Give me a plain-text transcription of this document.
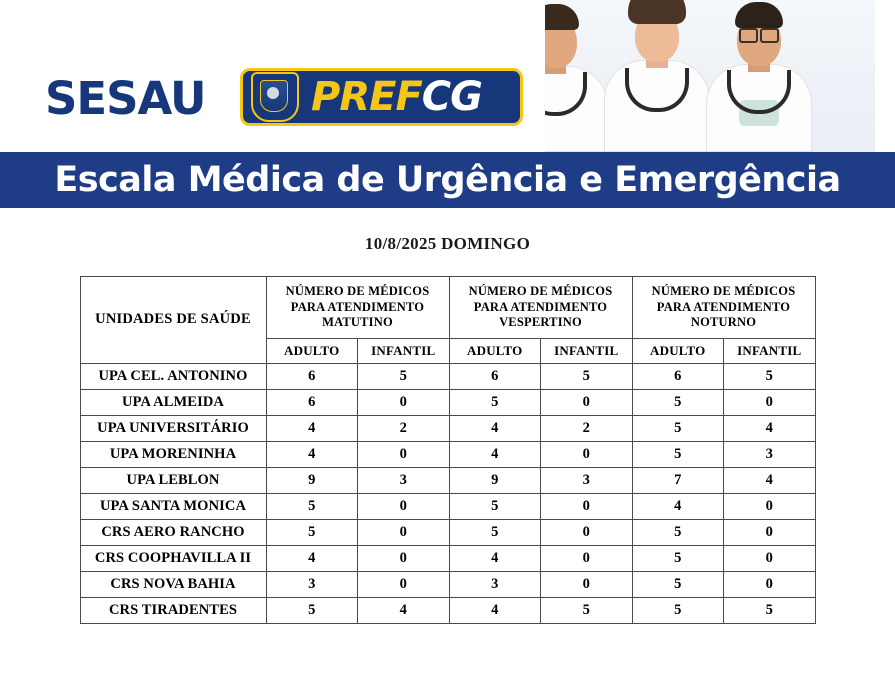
SESAU	PREFCG
Escala Médica de Urgência e Emergência
10/8/2025 DOMINGO
UNIDADES DE SAÚDE	NÚMERO DE MÉDICOS PARA ATENDIMENTO MATUTINO		NÚMERO DE MÉDICOS PARA ATENDIMENTO VESPERTINO		NÚMERO DE MÉDICOS PARA ATENDIMENTO NOTURNO	
	ADULTO	INFANTIL	ADULTO	INFANTIL	ADULTO	INFANTIL
UPA CEL. ANTONINO	6	5	6	5	6	5
UPA ALMEIDA	6	0	5	0	5	0
UPA UNIVERSITÁRIO	4	2	4	2	5	4
UPA MORENINHA	4	0	4	0	5	3
UPA LEBLON	9	3	9	3	7	4
UPA SANTA MONICA	5	0	5	0	4	0
CRS AERO RANCHO	5	0	5	0	5	0
CRS COOPHAVILLA II	4	0	4	0	5	0
CRS NOVA BAHIA	3	0	3	0	5	0
CRS TIRADENTES	5	4	4	5	5	5
